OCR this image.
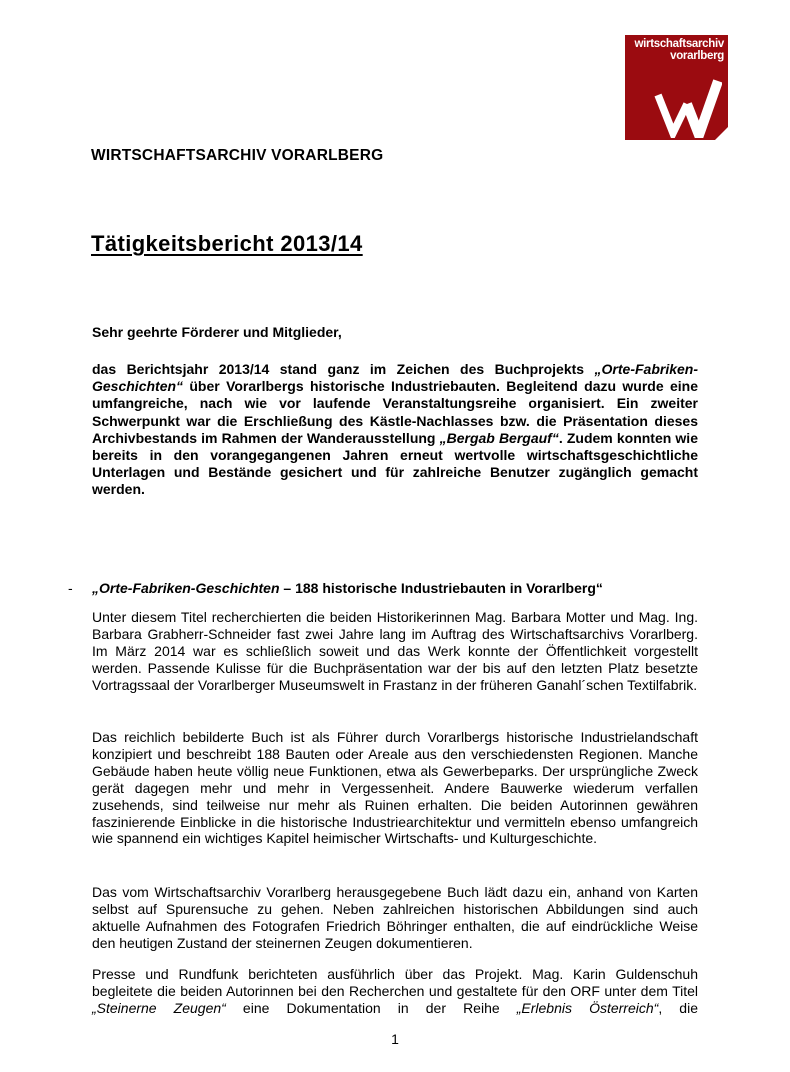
wirtschaftsarchiv
vorarlberg
WIRTSCHAFTSARCHIV VORARLBERG
Tätigkeitsbericht 2013/14
Sehr geehrte Förderer und Mitglieder,

das Berichtsjahr 2013/14 stand ganz im Zeichen des Buchprojekts „Orte-Fabriken-Geschichten“ über Vorarlbergs historische Industriebauten. Begleitend dazu wurde eine umfangreiche, nach wie vor laufende Veranstaltungsreihe organisiert. Ein zweiter Schwerpunkt war die Erschließung des Kästle-Nachlasses bzw. die Präsentation dieses Archivbestands im Rahmen der Wanderausstellung „Bergab Bergauf“. Zudem konnten wie bereits in den vorangegangenen Jahren erneut wertvolle wirtschaftsgeschichtliche Unterlagen und Bestände gesichert und für zahlreiche Benutzer zugänglich gemacht werden.

-	„Orte-Fabriken-Geschichten – 188 historische Industriebauten in Vorarlberg“

Unter diesem Titel recherchierten die beiden Historikerinnen Mag. Barbara Motter und Mag. Ing. Barbara Grabherr-Schneider fast zwei Jahre lang im Auftrag des Wirtschaftsarchivs Vorarlberg. Im März 2014 war es schließlich soweit und das Werk konnte der Öffentlichkeit vorgestellt werden. Passende Kulisse für die Buchpräsentation war der bis auf den letzten Platz besetzte Vortragssaal der Vorarlberger Museumswelt in Frastanz in der früheren Ganahl´schen Textilfabrik.

Das reichlich bebilderte Buch ist als Führer durch Vorarlbergs historische Industrielandschaft konzipiert und beschreibt 188 Bauten oder Areale aus den verschiedensten Regionen. Manche Gebäude haben heute völlig neue Funktionen, etwa als Gewerbeparks. Der ursprüngliche Zweck gerät dagegen mehr und mehr in Vergessenheit. Andere Bauwerke wiederum verfallen zusehends, sind teilweise nur mehr als Ruinen erhalten. Die beiden Autorinnen gewähren faszinierende Einblicke in die historische Industriearchitektur und vermitteln ebenso umfangreich wie spannend ein wichtiges Kapitel heimischer Wirtschafts- und Kulturgeschichte.

Das vom Wirtschaftsarchiv Vorarlberg herausgegebene Buch lädt dazu ein, anhand von Karten selbst auf Spurensuche zu gehen. Neben zahlreichen historischen Abbildungen sind auch aktuelle Aufnahmen des Fotografen Friedrich Böhringer enthalten, die auf eindrückliche Weise den heutigen Zustand der steinernen Zeugen dokumentieren.

Presse und Rundfunk berichteten ausführlich über das Projekt. Mag. Karin Guldenschuh begleitete die beiden Autorinnen bei den Recherchen und gestaltete für den ORF unter dem Titel „Steinerne Zeugen“ eine Dokumentation in der Reihe „Erlebnis Österreich“, die

1
